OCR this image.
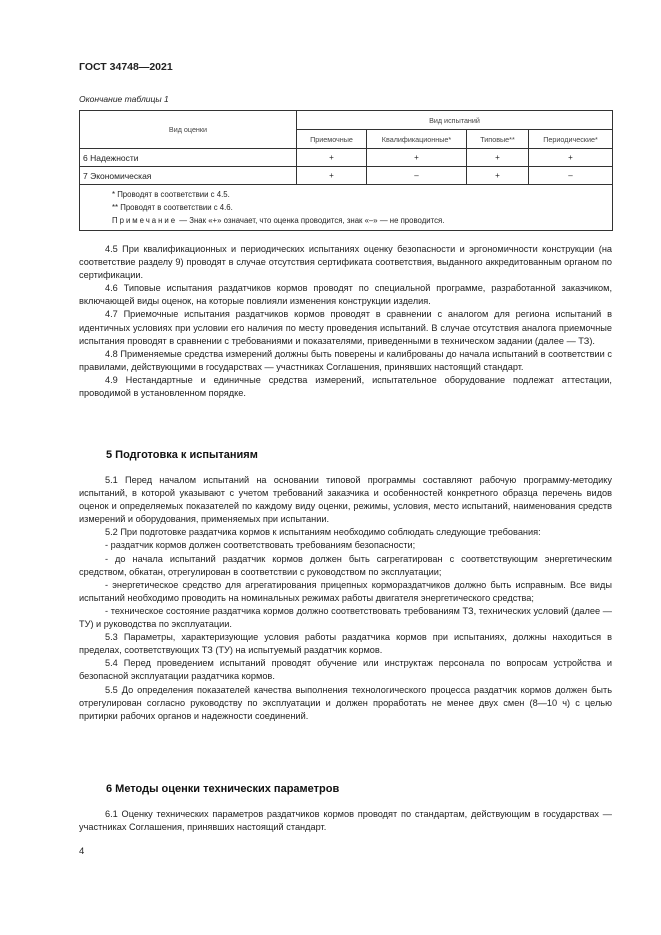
ГОСТ 34748—2021
Окончание таблицы 1
Вид оценки	Вид испытаний			
	Приемочные	Квалификационные*	Типовые**	Периодические*
6 Надежности	+	+	+	+
7 Экономическая	+	–	+	–

* Проводят в соответствии с 4.5.
** Проводят в соответствии с 4.6.
Примечание — Знак «+» означает, что оценка проводится, знак «–» — не проводится.				

4.5 При квалификационных и периодических испытаниях оценку безопасности и эргономичности конструкции (на соответствие разделу 9) проводят в случае отсутствия сертификата соответствия, выданного аккредитованным органом по сертификации.

4.6 Типовые испытания раздатчиков кормов проводят по специальной программе, разработанной заказчиком, включающей виды оценок, на которые повлияли изменения конструкции изделия.

4.7 Приемочные испытания раздатчиков кормов проводят в сравнении с аналогом для региона испытаний в идентичных условиях при условии его наличия по месту проведения испытаний. В случае отсутствия аналога приемочные испытания проводят в сравнении с требованиями и показателями, приведенными в техническом задании (далее — ТЗ).

4.8 Применяемые средства измерений должны быть поверены и калиброваны до начала испытаний в соответствии с правилами, действующими в государствах — участниках Соглашения, принявших настоящий стандарт.

4.9 Нестандартные и единичные средства измерений, испытательное оборудование подлежат аттестации, проводимой в установленном порядке.

5 Подготовка к испытаниям

5.1 Перед началом испытаний на основании типовой программы составляют рабочую программу-методику испытаний, в которой указывают с учетом требований заказчика и особенностей конкретного образца перечень видов оценок и определяемых показателей по каждому виду оценки, режимы, условия, место испытаний, наименования средств измерений и оборудования, применяемых при испытании.

5.2 При подготовке раздатчика кормов к испытаниям необходимо соблюдать следующие требования:

- раздатчик кормов должен соответствовать требованиям безопасности;

- до начала испытаний раздатчик кормов должен быть сагрегатирован с соответствующим энергетическим средством, обкатан, отрегулирован в соответствии с руководством по эксплуатации;

- энергетическое средство для агрегатирования прицепных кормораздатчиков должно быть исправным. Все виды испытаний необходимо проводить на номинальных режимах работы двигателя энергетического средства;

- техническое состояние раздатчика кормов должно соответствовать требованиям ТЗ, технических условий (далее — ТУ) и руководства по эксплуатации.

5.3 Параметры, характеризующие условия работы раздатчика кормов при испытаниях, должны находиться в пределах, соответствующих ТЗ (ТУ) на испытуемый раздатчик кормов.

5.4 Перед проведением испытаний проводят обучение или инструктаж персонала по вопросам устройства и безопасной эксплуатации раздатчика кормов.

5.5 До определения показателей качества выполнения технологического процесса раздатчик кормов должен быть отрегулирован согласно руководству по эксплуатации и должен проработать не менее двух смен (8—10 ч) с целью притирки рабочих органов и надежности соединений.

6 Методы оценки технических параметров

6.1 Оценку технических параметров раздатчиков кормов проводят по стандартам, действующим в государствах — участниках Соглашения, принявших настоящий стандарт.

4
